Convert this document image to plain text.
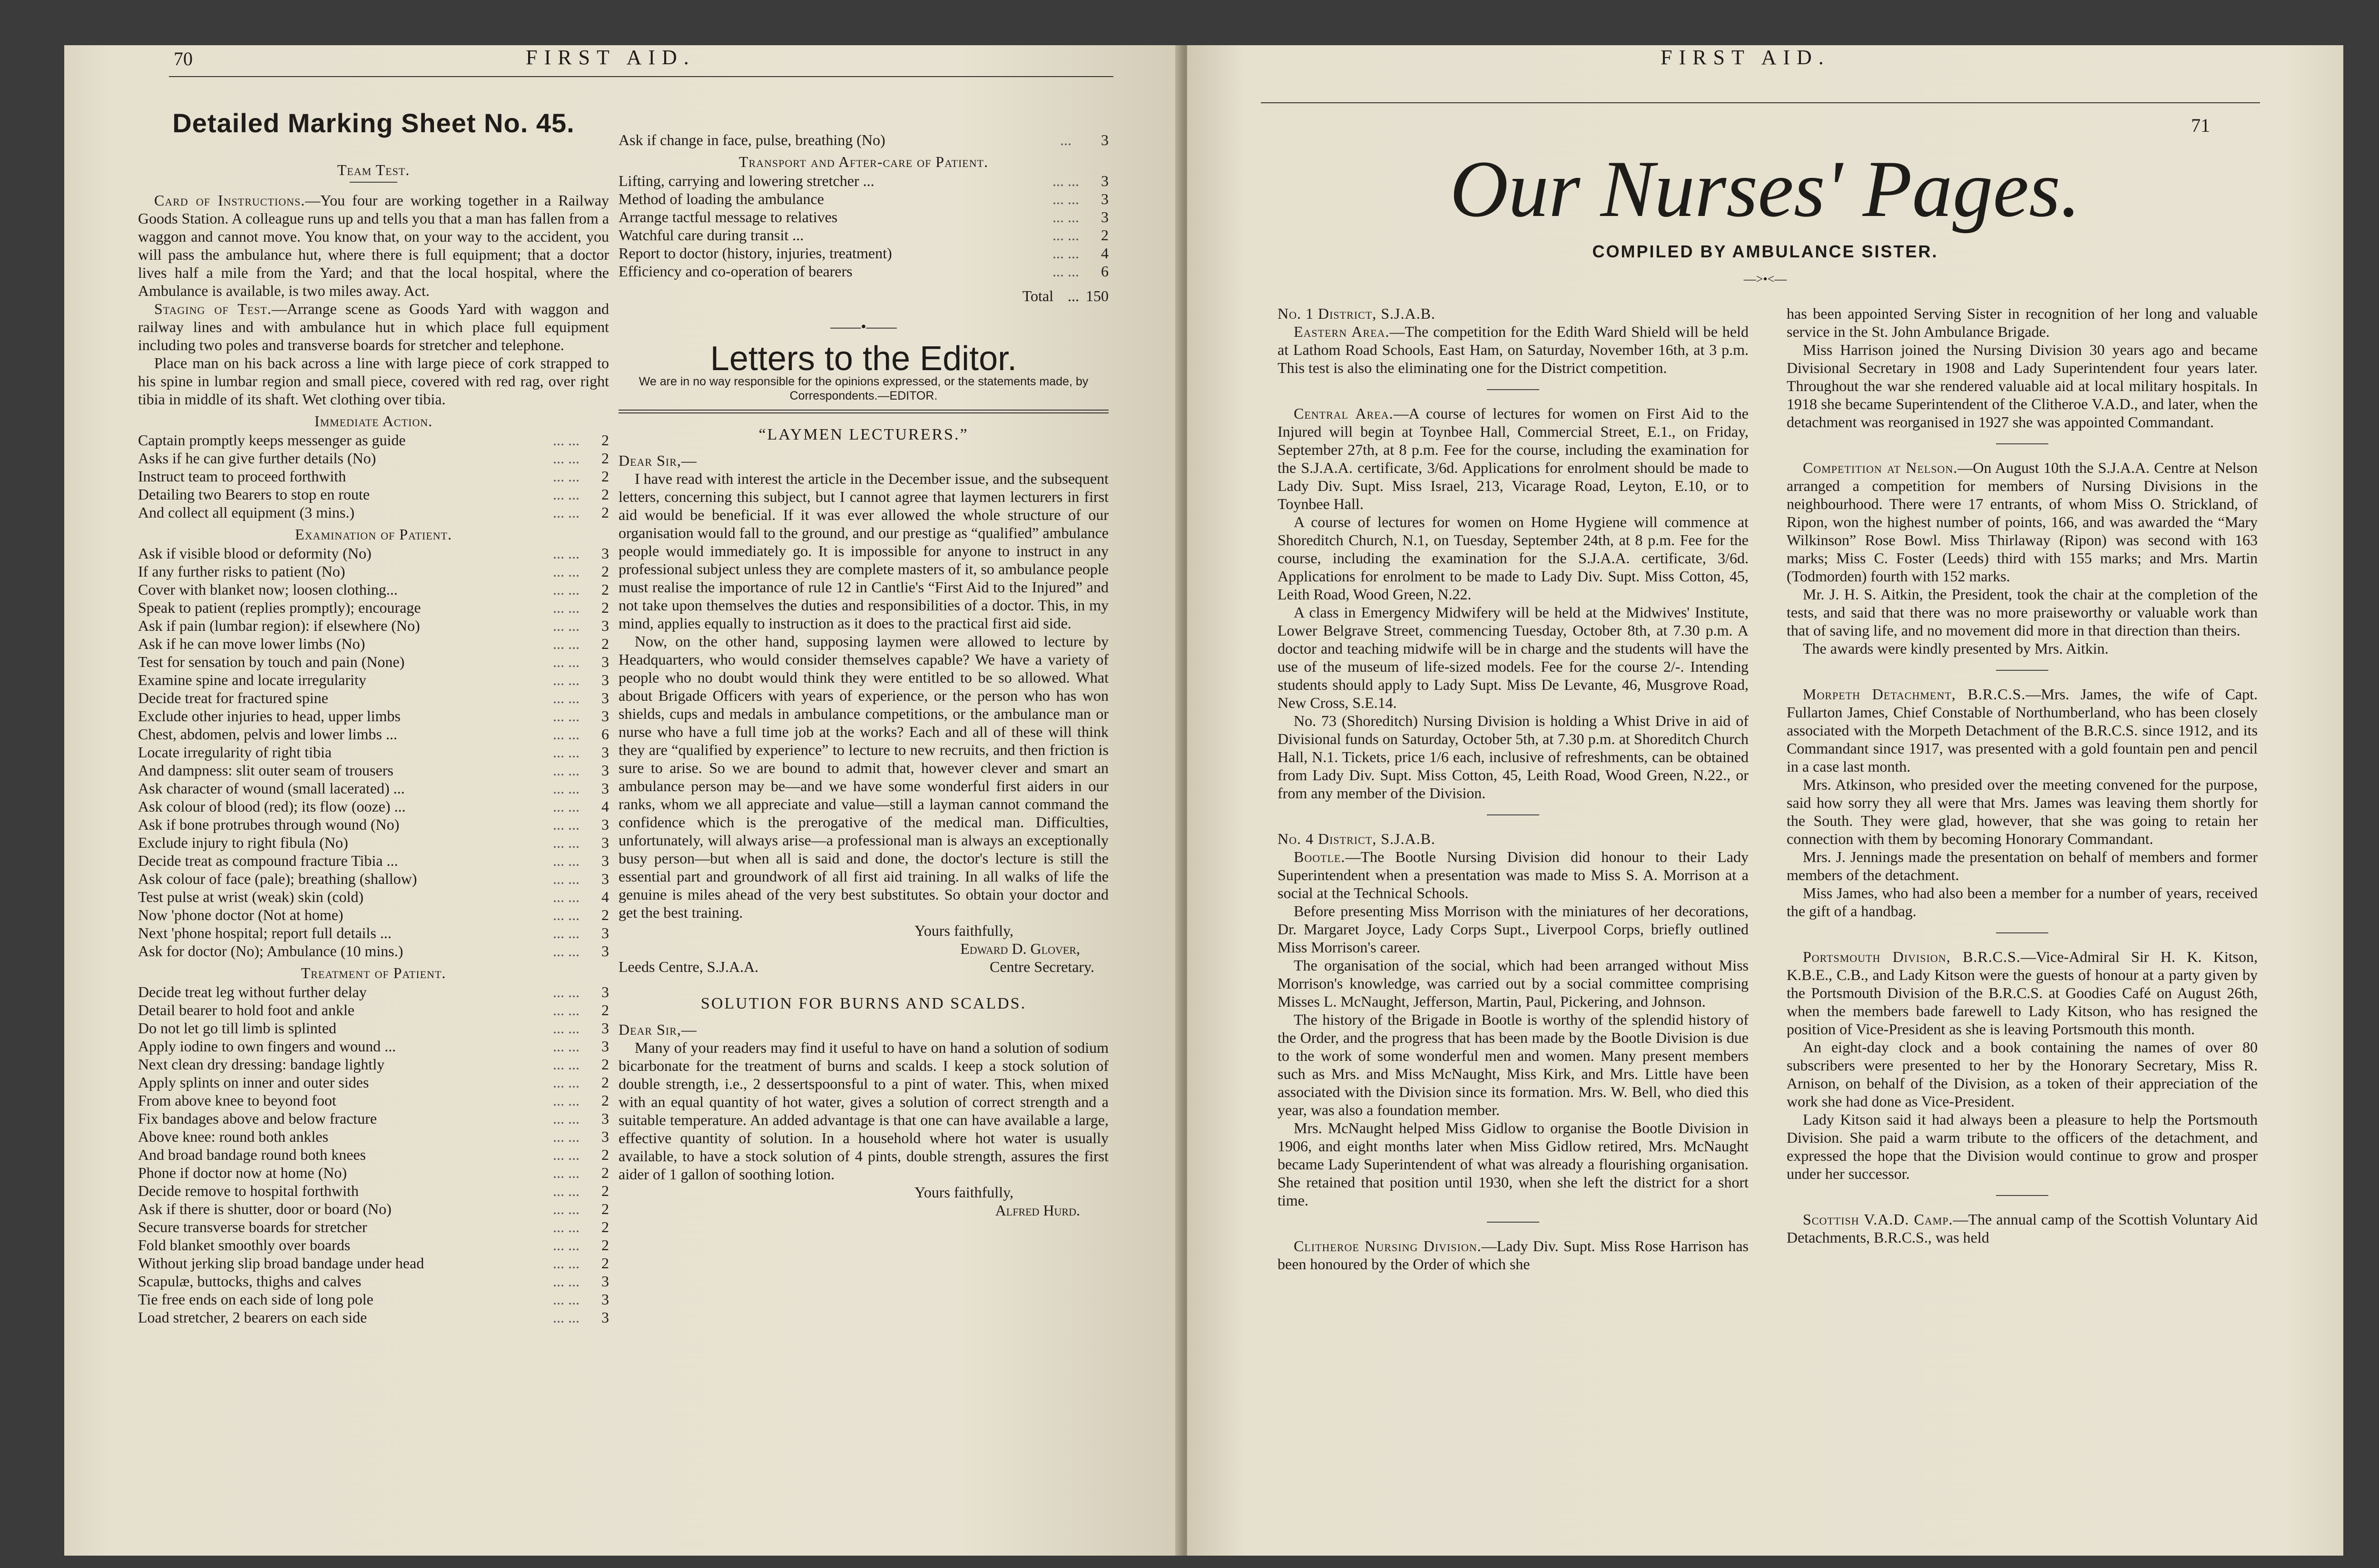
70	FIRST AID.	FIRST AID.
71
Detailed Marking Sheet No. 45.
Team Test.

Card of Instructions.—You four are working together in a Railway Goods Station. A colleague runs up and tells you that a man has fallen from a waggon and cannot move. You know that, on your way to the accident, you will pass the ambulance hut, where there is full equipment; that a doctor lives half a mile from the Yard; and that the local hospital, where the Ambulance is available, is two miles away. Act.

Staging of Test.—Arrange scene as Goods Yard with waggon and railway lines and with ambulance hut in which place full equipment including two poles and transverse boards for stretcher and telephone.

Place man on his back across a line with large piece of cork strapped to his spine in lumbar region and small piece, covered with red rag, over right tibia in middle of its shaft. Wet clothing over tibia.

Immediate Action.
Captain promptly keeps messenger as guide	... ...	2
Asks if he can give further details (No)	... ...	2
Instruct team to proceed forthwith	... ...	2
Detailing two Bearers to stop en route	... ...	2
And collect all equipment (3 mins.)	... ...	2
Examination of Patient.
Ask if visible blood or deformity (No)	... ...	3
If any further risks to patient (No)	... ...	2
Cover with blanket now; loosen clothing...	... ...	2
Speak to patient (replies promptly); encourage	... ...	2
Ask if pain (lumbar region): if elsewhere (No)	... ...	3
Ask if he can move lower limbs (No)	... ...	2
Test for sensation by touch and pain (None)	... ...	3
Examine spine and locate irregularity	... ...	3
Decide treat for fractured spine	... ...	3
Exclude other injuries to head, upper limbs	... ...	3
Chest, abdomen, pelvis and lower limbs ...	... ...	6
Locate irregularity of right tibia	... ...	3
And dampness: slit outer seam of trousers	... ...	3
Ask character of wound (small lacerated) ...	... ...	3
Ask colour of blood (red); its flow (ooze) ...	... ...	4
Ask if bone protrubes through wound (No)	... ...	3
Exclude injury to right fibula (No)	... ...	3
Decide treat as compound fracture Tibia ...	... ...	3
Ask colour of face (pale); breathing (shallow)	... ...	3
Test pulse at wrist (weak) skin (cold)	... ...	4
Now 'phone doctor (Not at home)	... ...	2
Next 'phone hospital; report full details ...	... ...	3
Ask for doctor (No); Ambulance (10 mins.)	... ...	3
Treatment of Patient.
Decide treat leg without further delay	... ...	3
Detail bearer to hold foot and ankle	... ...	2
Do not let go till limb is splinted	... ...	3
Apply iodine to own fingers and wound ...	... ...	3
Next clean dry dressing: bandage lightly	... ...	2
Apply splints on inner and outer sides	... ...	2
From above knee to beyond foot	... ...	2
Fix bandages above and below fracture	... ...	3
Above knee: round both ankles	... ...	3
And broad bandage round both knees	... ...	2
Phone if doctor now at home (No)	... ...	2
Decide remove to hospital forthwith	... ...	2
Ask if there is shutter, door or board (No)	... ...	2
Secure transverse boards for stretcher	... ...	2
Fold blanket smoothly over boards	... ...	2
Without jerking slip broad bandage under head	... ...	2
Scapulæ, buttocks, thighs and calves	... ...	3
Tie free ends on each side of long pole	... ...	3
Load stretcher, 2 bearers on each side	... ...	3
Ask if change in face, pulse, breathing (No)	...	3
Transport and After-care of Patient.
Lifting, carrying and lowering stretcher ...	... ...	3
Method of loading the ambulance	... ...	3
Arrange tactful message to relatives	... ...	3
Watchful care during transit ...	... ...	2
Report to doctor (history, injuries, treatment)	... ...	4
Efficiency and co-operation of bearers	... ...	6
Total ... 150
——•——
Letters to the Editor.
We are in no way responsible for the opinions expressed, or the statements made, by Correspondents.—EDITOR.
“LAYMEN LECTURERS.”

Dear Sir,—

I have read with interest the article in the December issue, and the subsequent letters, concerning this subject, but I cannot agree that laymen lecturers in first aid would be beneficial. If it was ever allowed the whole structure of our organisation would fall to the ground, and our prestige as “qualified” ambulance people would immediately go. It is impossible for anyone to instruct in any professional subject unless they are complete masters of it, so ambulance people must realise the importance of rule 12 in Cantlie's “First Aid to the Injured” and not take upon themselves the duties and responsibilities of a doctor. This, in my mind, applies equally to instruction as it does to the practical first aid side.

Now, on the other hand, supposing laymen were allowed to lecture by Headquarters, who would consider themselves capable? We have a variety of people who no doubt would think they were entitled to be so allowed. What about Brigade Officers with years of experience, or the person who has won shields, cups and medals in ambulance competitions, or the ambulance man or nurse who have a full time job at the works? Each and all of these will think they are “qualified by experience” to lecture to new recruits, and then friction is sure to arise. So we are bound to admit that, however clever and smart an ambulance person may be—and we have some wonderful first aiders in our ranks, whom we all appreciate and value—still a layman cannot command the confidence which is the prerogative of the medical man. Difficulties, unfortunately, will always arise—a professional man is always an exceptionally busy person—but when all is said and done, the doctor's lecture is still the essential part and groundwork of all first aid training. In all walks of life the genuine is miles ahead of the very best substitutes. So obtain your doctor and get the best training.

Yours faithfully,

Edward D. Glover,

Leeds Centre, S.J.A.A.	Centre Secretary.
SOLUTION FOR BURNS AND SCALDS.

Dear Sir,—

Many of your readers may find it useful to have on hand a solution of sodium bicarbonate for the treatment of burns and scalds. I keep a stock solution of double strength, i.e., 2 dessertspoonsful to a pint of water. This, when mixed with an equal quantity of hot water, gives a solution of correct strength and a suitable temperature. An added advantage is that one can have available a large, effective quantity of solution. In a household where hot water is usually available, to have a stock solution of 4 pints, double strength, assures the first aider of 1 gallon of soothing lotion.

Yours faithfully,

Alfred Hurd.

Our Nurses' Pages.
COMPILED BY AMBULANCE SISTER.
—>•<—

No. 1 District, S.J.A.B.

Eastern Area.—The competition for the Edith Ward Shield will be held at Lathom Road Schools, East Ham, on Saturday, November 16th, at 3 p.m. This test is also the eliminating one for the District competition.

Central Area.—A course of lectures for women on First Aid to the Injured will begin at Toynbee Hall, Commercial Street, E.1., on Friday, September 27th, at 8 p.m. Fee for the course, including the examination for the S.J.A.A. certificate, 3/6d. Applications for enrolment should be made to Lady Div. Supt. Miss Israel, 213, Vicarage Road, Leyton, E.10, or to Toynbee Hall.

A course of lectures for women on Home Hygiene will commence at Shoreditch Church, N.1, on Tuesday, September 24th, at 8 p.m. Fee for the course, including the examination for the S.J.A.A. certificate, 3/6d. Applications for enrolment to be made to Lady Div. Supt. Miss Cotton, 45, Leith Road, Wood Green, N.22.

A class in Emergency Midwifery will be held at the Midwives' Institute, Lower Belgrave Street, commencing Tuesday, October 8th, at 7.30 p.m. A doctor and teaching midwife will be in charge and the students will have the use of the museum of life-sized models. Fee for the course 2/-. Intending students should apply to Lady Supt. Miss De Levante, 46, Musgrove Road, New Cross, S.E.14.

No. 73 (Shoreditch) Nursing Division is holding a Whist Drive in aid of Divisional funds on Saturday, October 5th, at 7.30 p.m. at Shoreditch Church Hall, N.1. Tickets, price 1/6 each, inclusive of refreshments, can be obtained from Lady Div. Supt. Miss Cotton, 45, Leith Road, Wood Green, N.22., or from any member of the Division.

No. 4 District, S.J.A.B.

Bootle.—The Bootle Nursing Division did honour to their Lady Superintendent when a presentation was made to Miss S. A. Morrison at a social at the Technical Schools.

Before presenting Miss Morrison with the miniatures of her decorations, Dr. Margaret Joyce, Lady Corps Supt., Liverpool Corps, briefly outlined Miss Morrison's career.

The organisation of the social, which had been arranged without Miss Morrison's knowledge, was carried out by a social committee comprising Misses L. McNaught, Jefferson, Martin, Paul, Pickering, and Johnson.

The history of the Brigade in Bootle is worthy of the splendid history of the Order, and the progress that has been made by the Bootle Division is due to the work of some wonderful men and women. Many present members such as Mrs. and Miss McNaught, Miss Kirk, and Mrs. Little have been associated with the Division since its formation. Mrs. W. Bell, who died this year, was also a foundation member.

Mrs. McNaught helped Miss Gidlow to organise the Bootle Division in 1906, and eight months later when Miss Gidlow retired, Mrs. McNaught became Lady Superintendent of what was already a flourishing organisation. She retained that position until 1930, when she left the district for a short time.

Clitheroe Nursing Division.—Lady Div. Supt. Miss Rose Harrison has been honoured by the Order of which she

has been appointed Serving Sister in recognition of her long and valuable service in the St. John Ambulance Brigade.

Miss Harrison joined the Nursing Division 30 years ago and became Divisional Secretary in 1908 and Lady Superintendent four years later. Throughout the war she rendered valuable aid at local military hospitals. In 1918 she became Superintendent of the Clitheroe V.A.D., and later, when the detachment was reorganised in 1927 she was appointed Commandant.

Competition at Nelson.—On August 10th the S.J.A.A. Centre at Nelson arranged a competition for members of Nursing Divisions in the neighbourhood. There were 17 entrants, of whom Miss O. Strickland, of Ripon, won the highest number of points, 166, and was awarded the “Mary Wilkinson” Rose Bowl. Miss Thirlaway (Ripon) was second with 163 marks; Miss C. Foster (Leeds) third with 155 marks; and Mrs. Martin (Todmorden) fourth with 152 marks.

Mr. J. H. S. Aitkin, the President, took the chair at the completion of the tests, and said that there was no more praiseworthy or valuable work than that of saving life, and no movement did more in that direction than theirs.

The awards were kindly presented by Mrs. Aitkin.

Morpeth Detachment, B.R.C.S.—Mrs. James, the wife of Capt. Fullarton James, Chief Constable of Northumberland, who has been closely associated with the Morpeth Detachment of the B.R.C.S. since 1912, and its Commandant since 1917, was presented with a gold fountain pen and pencil in a case last month.

Mrs. Atkinson, who presided over the meeting convened for the purpose, said how sorry they all were that Mrs. James was leaving them shortly for the South. They were glad, however, that she was going to retain her connection with them by becoming Honorary Commandant.

Mrs. J. Jennings made the presentation on behalf of members and former members of the detachment.

Miss James, who had also been a member for a number of years, received the gift of a handbag.

Portsmouth Division, B.R.C.S.—Vice-Admiral Sir H. K. Kitson, K.B.E., C.B., and Lady Kitson were the guests of honour at a party given by the Portsmouth Division of the B.R.C.S. at Goodies Café on August 26th, when the members bade farewell to Lady Kitson, who has resigned the position of Vice-President as she is leaving Portsmouth this month.

An eight-day clock and a book containing the names of over 80 subscribers were presented to her by the Honorary Secretary, Miss R. Arnison, on behalf of the Division, as a token of their appreciation of the work she had done as Vice-President.

Lady Kitson said it had always been a pleasure to help the Portsmouth Division. She paid a warm tribute to the officers of the detachment, and expressed the hope that the Division would continue to grow and prosper under her successor.

Scottish V.A.D. Camp.—The annual camp of the Scottish Voluntary Aid Detachments, B.R.C.S., was held
